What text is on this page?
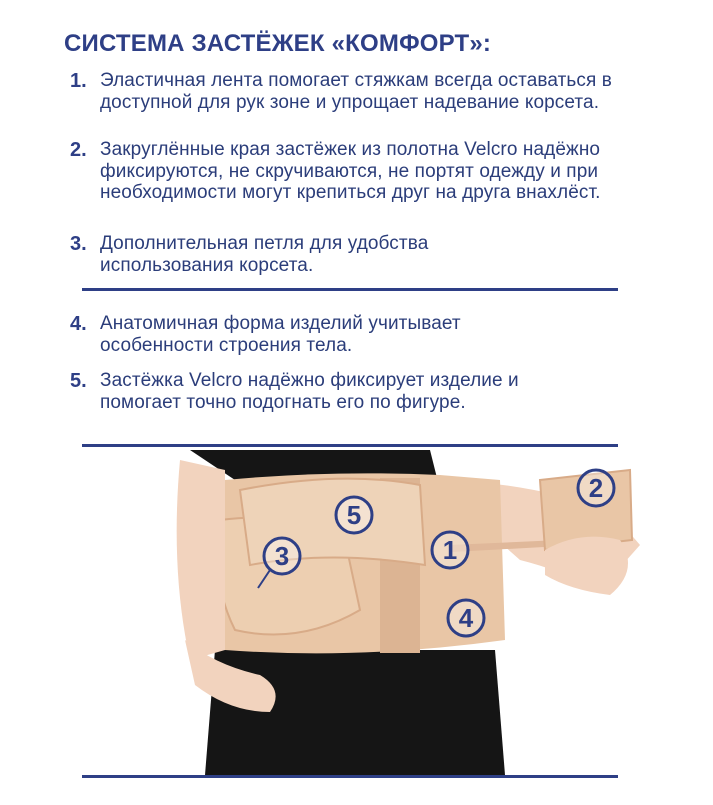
СИСТЕМА ЗАСТЁЖЕК «КОМФОРТ»:
1. Эластичная лента помогает стяжкам всегда оставаться в доступной для рук зоне и упрощает надевание корсета.
2. Закруглённые края застёжек из полотна Velcro надёжно фиксируются, не скручиваются, не портят одежду и при необходимости могут крепиться друг на друга внахлёст.
3. Дополнительная петля для удобства использования корсета.
4. Анатомичная форма изделий учитывает особенности строения тела.
5. Застёжка Velcro надёжно фиксирует изделие и помогает точно подогнать его по фигуре.
1
2
3
4
5
